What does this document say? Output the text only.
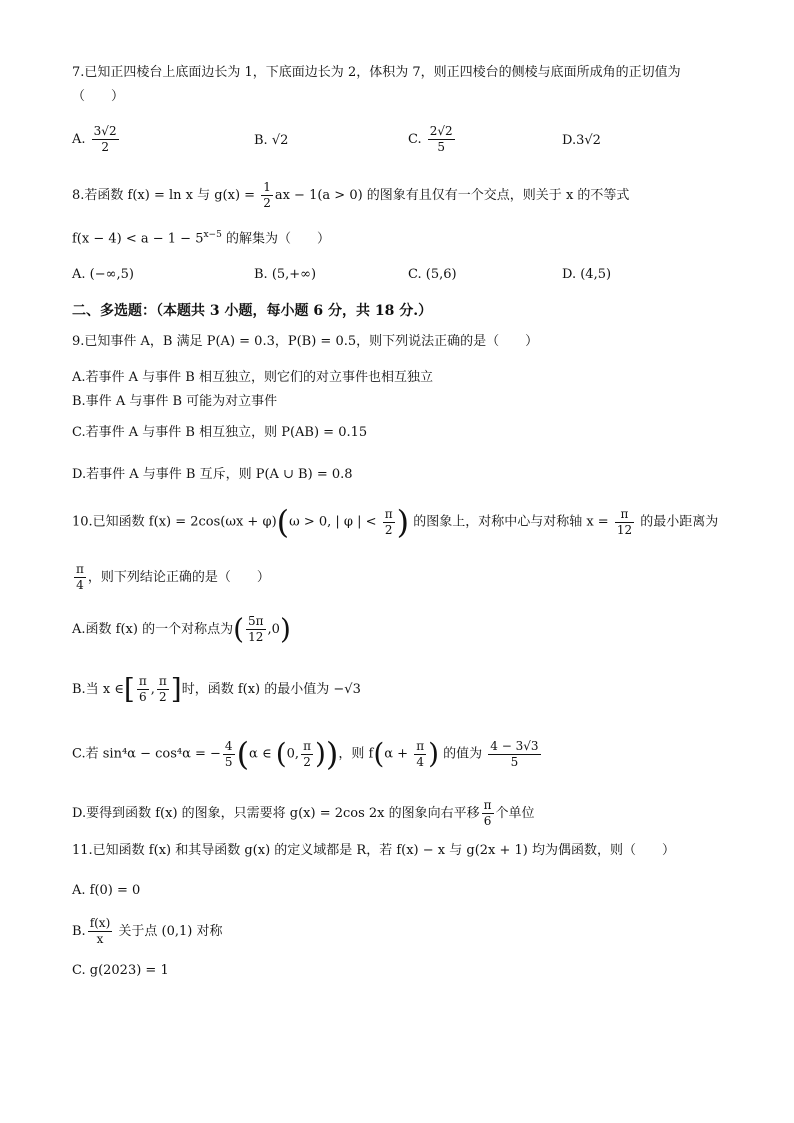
7.已知正四棱台上底面边长为 1，下底面边长为 2，体积为 7，则正四棱台的侧棱与底面所成角的正切值为
（　　）
A. $\frac{3√2}{2}$	B. √2	C. $\frac{2√2}{5}$	D.3√2
8.若函数 f(x) = ln x 与 $g(x) = \frac{1}{2}$ ax − 1(a > 0) 的图象有且仅有一个交点，则关于 x 的不等式
$f(x - 4) < a - 1 - 5^{x-5}$ 的解集为（　　）
A. (−∞,5)	B. (5,+∞)	C. (5,6)	D. (4,5)
二、多选题：（本题共 3 小题，每小题 6 分，共 18 分.）
9.已知事件 A，B 满足 P(A) = 0.3，P(B) = 0.5，则下列说法正确的是（　　）
A.若事件 A 与事件 B 相互独立，则它们的对立事件也相互独立
B.事件 A 与事件 B 可能为对立事件
C.若事件 A 与事件 B 相互独立，则 P(AB) = 0.15
D.若事件 A 与事件 B 互斥，则 P(A ∪ B) = 0.8
10.已知函数 f(x) = 2cos(ωx + φ)(ω > 0, | φ | < $\frac{\pi}{2}$ ) 的图象上，对称中心与对称轴 $x = \frac{\pi}{12}$ 的最小距离为
$\frac{\pi}{4}$ ，则下列结论正确的是（　　）
A.函数 f(x) 的一个对称点为( $\frac{5\pi}{12} ,0$)
B.当 x ∈[ $\frac{\pi}{6}$ , $\frac{\pi}{2}$ ]时，函数 f(x) 的最小值为 −√3
C.若 sin⁴α − cos⁴α = − $\frac{4}{5} (\alpha$ ∈ (0, $\frac{\pi}{2}$ ))，则 $f(\alpha + \frac{\pi}{4}$ ) 的值为 $\frac{4 - 3√3}{5}$
D.要得到函数 f(x) 的图象，只需要将 g(x) = 2cos 2x 的图象向右平移 $\frac{\pi}{6}$ 个单位
11.已知函数 f(x) 和其导函数 g(x) 的定义域都是 R，若 f(x) − x 与 g(2x + 1) 均为偶函数，则（　　）
A. f(0) = 0
B. $\frac{f(x)}{x}$ 关于点 (0,1) 对称
C. g(2023) = 1
